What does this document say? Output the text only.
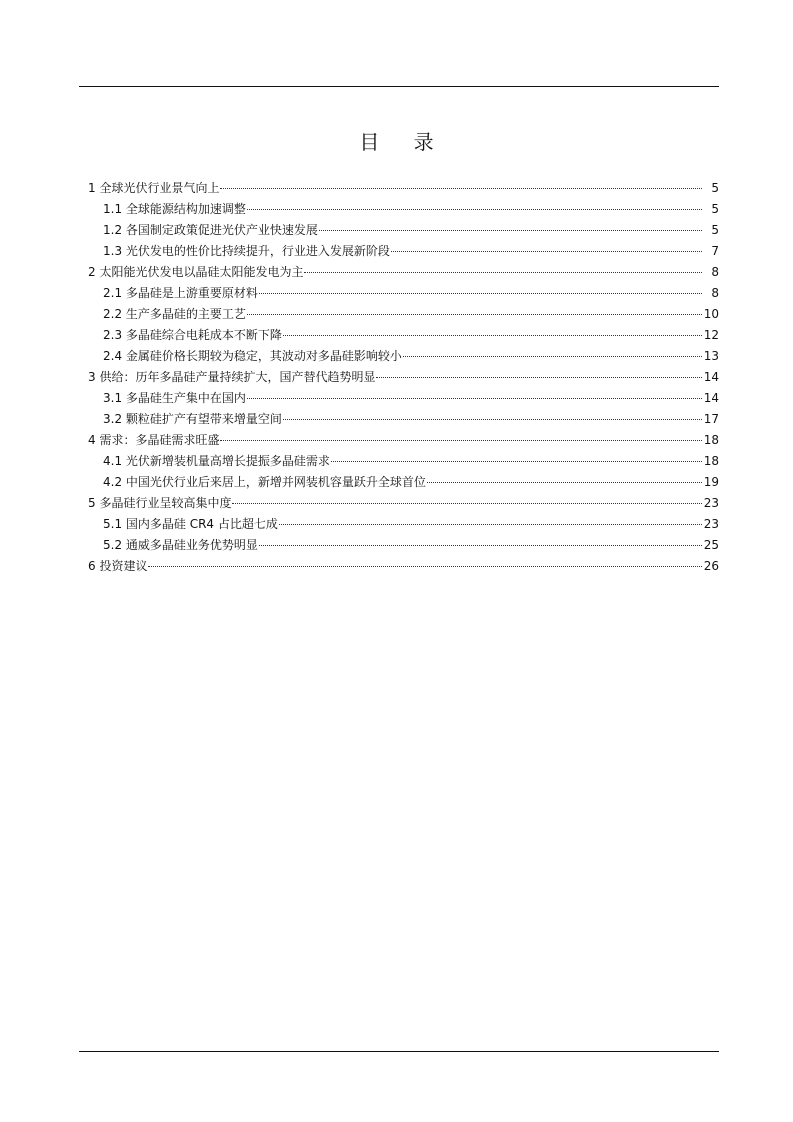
目 录
1 全球光伏行业景气向上	5
1.1 全球能源结构加速调整	5
1.2 各国制定政策促进光伏产业快速发展	5
1.3 光伏发电的性价比持续提升，行业进入发展新阶段	7
2 太阳能光伏发电以晶硅太阳能发电为主	8
2.1 多晶硅是上游重要原材料	8
2.2 生产多晶硅的主要工艺	10
2.3 多晶硅综合电耗成本不断下降	12
2.4 金属硅价格长期较为稳定，其波动对多晶硅影响较小	13
3 供给：历年多晶硅产量持续扩大，国产替代趋势明显	14
3.1 多晶硅生产集中在国内	14
3.2 颗粒硅扩产有望带来增量空间	17
4 需求：多晶硅需求旺盛	18
4.1 光伏新增装机量高增长提振多晶硅需求	18
4.2 中国光伏行业后来居上，新增并网装机容量跃升全球首位	19
5 多晶硅行业呈较高集中度	23
5.1 国内多晶硅 CR4 占比超七成	23
5.2 通威多晶硅业务优势明显	25
6 投资建议	26
